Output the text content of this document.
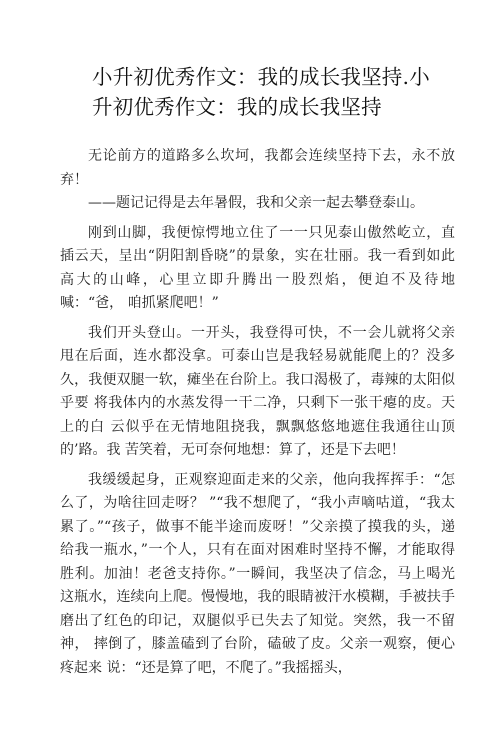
小升初优秀作文：我的成长我坚持.小升初优秀作文：我的成长我坚持

无论前方的道路多么坎坷，我都会连续坚持下去，永不放 弃！

——题记记得是去年暑假，我和父亲一起去攀登泰山。

刚到山脚，我便惊愕地立住了一一只见泰山傲然屹立，直 插云天，呈出“阴阳割昏晓”的景象，实在壮丽。我一看到如此 高大的山峰，心里立即升腾出一股烈焰，便迫不及待地喊：“爸， 咱抓紧爬吧！”

我们开头登山。一开头，我登得可快，不一会儿就将父亲 甩在后面，连水都没拿。可泰山岂是我轻易就能爬上的？没多久，我便双腿一软，瘫坐在台阶上。我口渴极了，毒辣的太阳似乎要 将我体内的水蒸发得一干二净，只剩下一张干瘪的皮。天上的白 云似乎在无情地阻挠我，飘飘悠悠地遮住我通往山顶的’路。我 苦笑着，无可奈何地想：算了，还是下去吧！

我缓缓起身，正观察迎面走来的父亲，他向我挥挥手：“怎 么了，为啥往回走呀？ ”“我不想爬了，“我小声嘀咕道，“我太 累了。”“孩子，做事不能半途而废呀！”父亲摸了摸我的头，递 给我一瓶水，”一个人，只有在面对困难时坚持不懈，才能取得 胜利。加油！老爸支持你。”一瞬间，我坚决了信念，马上喝光 这瓶水，连续向上爬。慢慢地，我的眼睛被汗水模糊，手被扶手 磨出了红色的印记，双腿似乎已失去了知觉。突然，我一不留神， 摔倒了，膝盖磕到了台阶，磕破了皮。父亲一观察，便心疼起来 说：“还是算了吧，不爬了。”我摇摇头，
